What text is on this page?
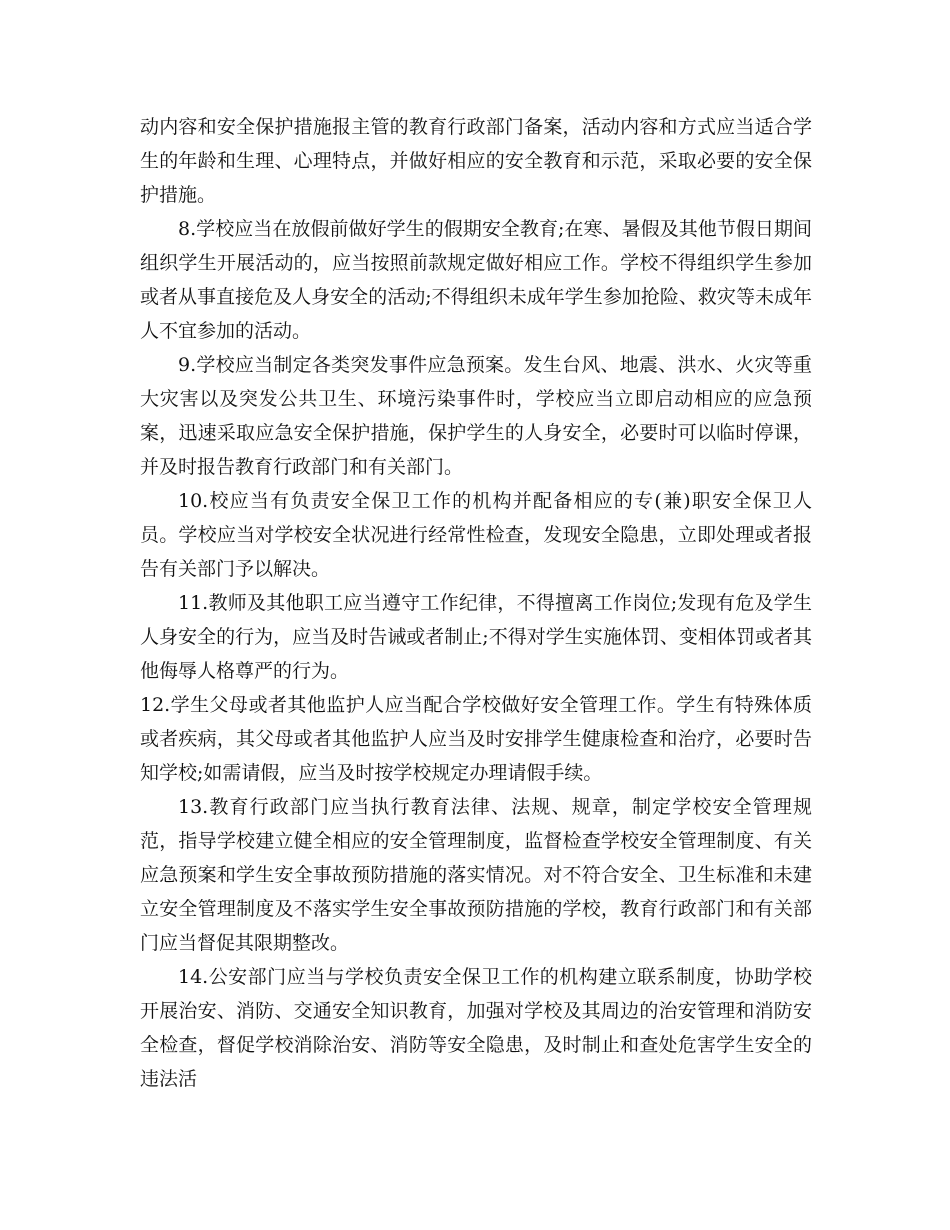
动内容和安全保护措施报主管的教育行政部门备案，活动内容和方式应当适合学生的年龄和生理、心理特点，并做好相应的安全教育和示范，采取必要的安全保护措施。

8.学校应当在放假前做好学生的假期安全教育;在寒、暑假及其他节假日期间组织学生开展活动的，应当按照前款规定做好相应工作。学校不得组织学生参加或者从事直接危及人身安全的活动;不得组织未成年学生参加抢险、救灾等未成年人不宜参加的活动。

9.学校应当制定各类突发事件应急预案。发生台风、地震、洪水、火灾等重大灾害以及突发公共卫生、环境污染事件时，学校应当立即启动相应的应急预案，迅速采取应急安全保护措施，保护学生的人身安全，必要时可以临时停课，并及时报告教育行政部门和有关部门。

10.校应当有负责安全保卫工作的机构并配备相应的专(兼)职安全保卫人员。学校应当对学校安全状况进行经常性检查，发现安全隐患，立即处理或者报告有关部门予以解决。

11.教师及其他职工应当遵守工作纪律，不得擅离工作岗位;发现有危及学生人身安全的行为，应当及时告诫或者制止;不得对学生实施体罚、变相体罚或者其他侮辱人格尊严的行为。

12.学生父母或者其他监护人应当配合学校做好安全管理工作。学生有特殊体质或者疾病，其父母或者其他监护人应当及时安排学生健康检查和治疗，必要时告知学校;如需请假，应当及时按学校规定办理请假手续。

13.教育行政部门应当执行教育法律、法规、规章，制定学校安全管理规范，指导学校建立健全相应的安全管理制度，监督检查学校安全管理制度、有关应急预案和学生安全事故预防措施的落实情况。对不符合安全、卫生标准和未建立安全管理制度及不落实学生安全事故预防措施的学校，教育行政部门和有关部门应当督促其限期整改。

14.公安部门应当与学校负责安全保卫工作的机构建立联系制度，协助学校开展治安、消防、交通安全知识教育，加强对学校及其周边的治安管理和消防安全检查，督促学校消除治安、消防等安全隐患，及时制止和查处危害学生安全的违法活
